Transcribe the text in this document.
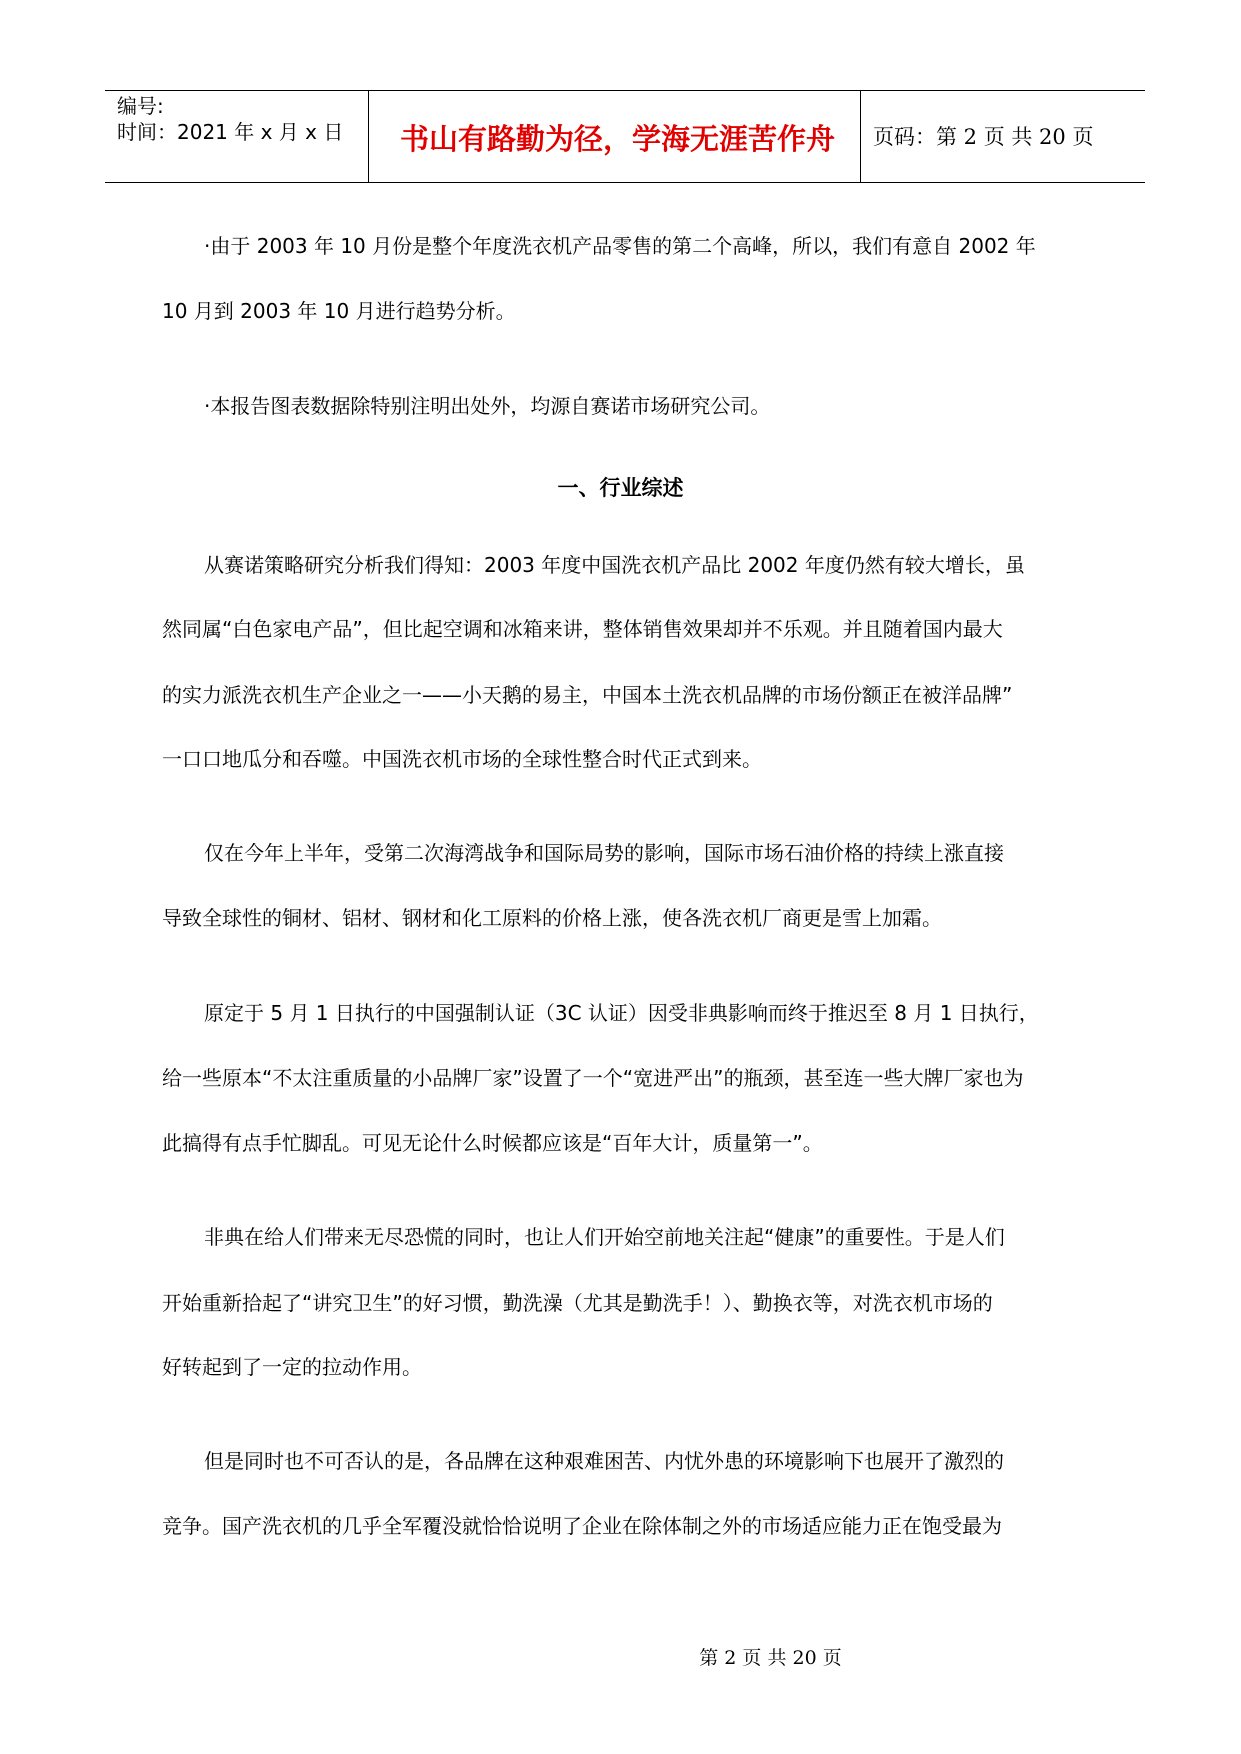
编号:
时间：2021 年 x 月 x 日	书山有路勤为径，学海无涯苦作舟	页码：第 2 页 共 20 页
·由于 2003 年 10 月份是整个年度洗衣机产品零售的第二个高峰，所以，我们有意自 2002 年
10 月到 2003 年 10 月进行趋势分析。
·本报告图表数据除特别注明出处外，均源自赛诺市场研究公司。
一、行业综述
从赛诺策略研究分析我们得知：2003 年度中国洗衣机产品比 2002 年度仍然有较大增长，虽
然同属“白色家电产品”，但比起空调和冰箱来讲，整体销售效果却并不乐观。并且随着国内最大
的实力派洗衣机生产企业之一——小天鹅的易主，中国本土洗衣机品牌的市场份额正在被洋品牌”
一口口地瓜分和吞噬。中国洗衣机市场的全球性整合时代正式到来。
仅在今年上半年，受第二次海湾战争和国际局势的影响，国际市场石油价格的持续上涨直接
导致全球性的铜材、铝材、钢材和化工原料的价格上涨，使各洗衣机厂商更是雪上加霜。
原定于 5 月 1 日执行的中国强制认证（3C 认证）因受非典影响而终于推迟至 8 月 1 日执行，
给一些原本“不太注重质量的小品牌厂家”设置了一个“宽进严出”的瓶颈，甚至连一些大牌厂家也为
此搞得有点手忙脚乱。可见无论什么时候都应该是“百年大计，质量第一”。
非典在给人们带来无尽恐慌的同时，也让人们开始空前地关注起“健康”的重要性。于是人们
开始重新拾起了“讲究卫生”的好习惯，勤洗澡（尤其是勤洗手！）、勤换衣等，对洗衣机市场的
好转起到了一定的拉动作用。
但是同时也不可否认的是，各品牌在这种艰难困苦、内忧外患的环境影响下也展开了激烈的
竞争。国产洗衣机的几乎全军覆没就恰恰说明了企业在除体制之外的市场适应能力正在饱受最为
第 2 页 共 20 页
